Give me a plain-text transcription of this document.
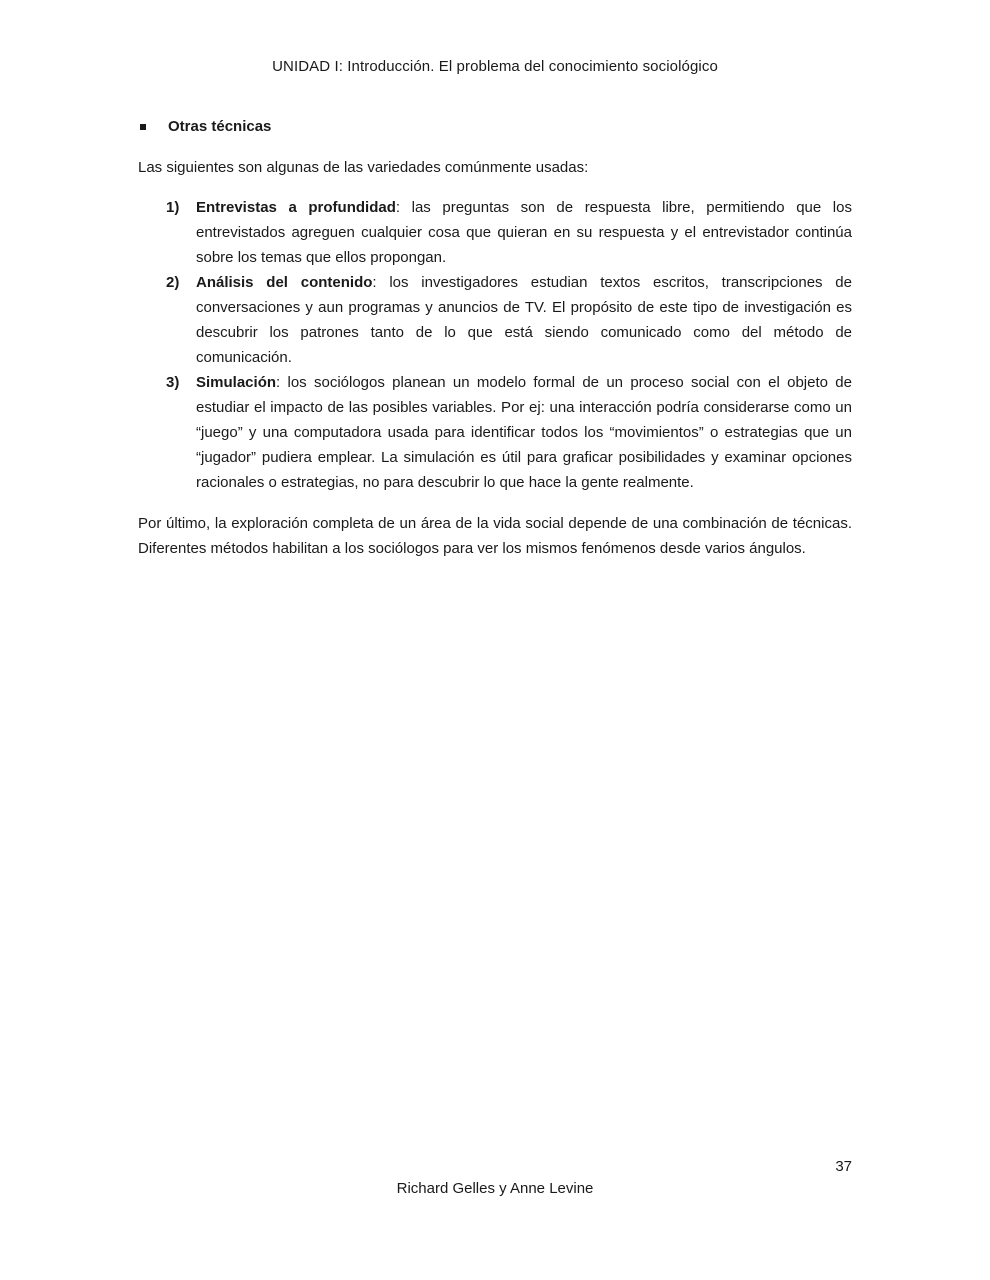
UNIDAD I: Introducción. El problema del conocimiento sociológico
Otras técnicas

Las siguientes son algunas de las variedades comúnmente usadas:

1) Entrevistas a profundidad: las preguntas son de respuesta libre, permitiendo que los entrevistados agreguen cualquier cosa que quieran en su respuesta y el entrevistador continúa sobre los temas que ellos propongan.
2) Análisis del contenido: los investigadores estudian textos escritos, transcripciones de conversaciones y aun programas y anuncios de TV. El propósito de este tipo de investigación es descubrir los patrones tanto de lo que está siendo comunicado como del método de comunicación.
3) Simulación: los sociólogos planean un modelo formal de un proceso social con el objeto de estudiar el impacto de las posibles variables. Por ej: una interacción podría considerarse como un “juego” y una computadora usada para identificar todos los “movimientos” o estrategias que un “jugador” pudiera emplear. La simulación es útil para graficar posibilidades y examinar opciones racionales o estrategias, no para descubrir lo que hace la gente realmente.

Por último, la exploración completa de un área de la vida social depende de una combinación de técnicas. Diferentes métodos habilitan a los sociólogos para ver los mismos fenómenos desde varios ángulos.

37
Richard Gelles y Anne Levine
